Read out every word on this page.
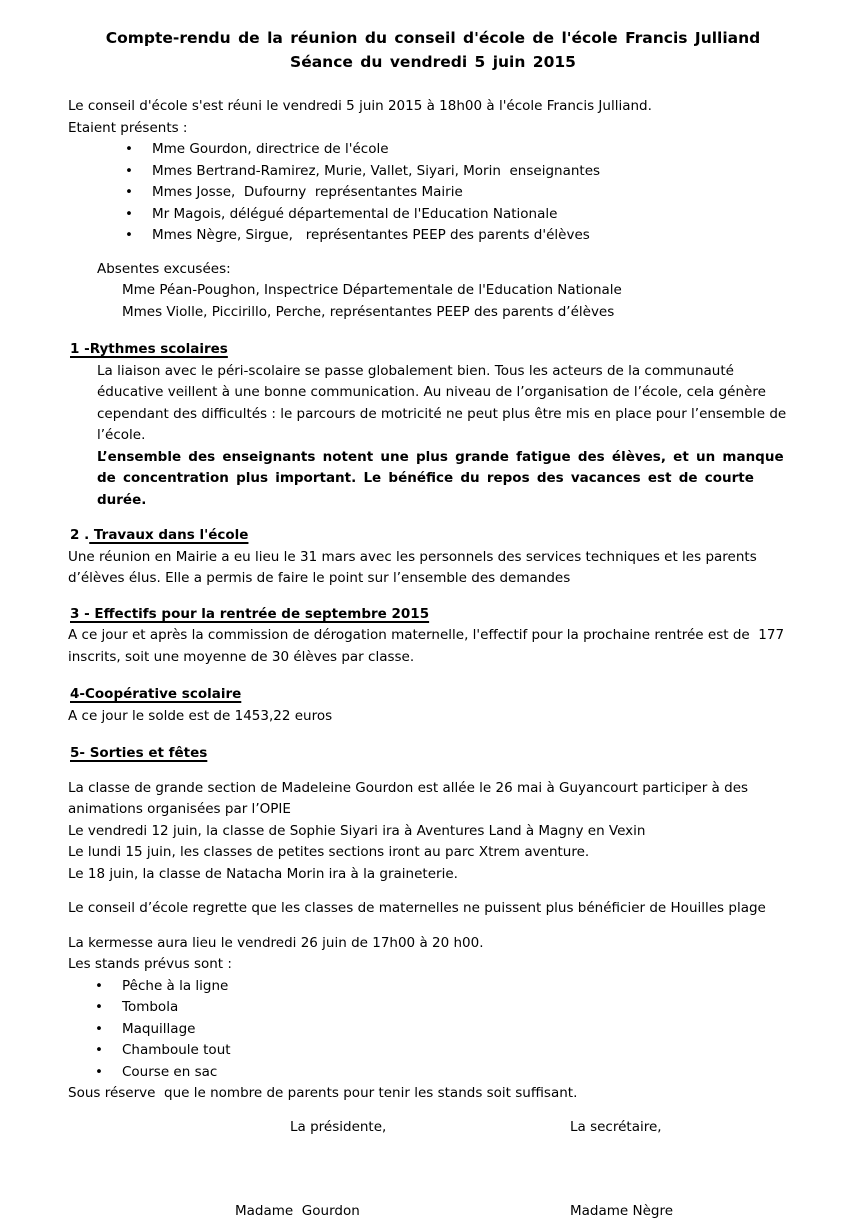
Compte-rendu de la réunion du conseil d'école de l'école Francis Julliand
Séance du vendredi 5 juin 2015
Le conseil d'école s'est réuni le vendredi 5 juin 2015 à 18h00 à l'école Francis Julliand.
Etaient présents :
• Mme Gourdon, directrice de l'école
• Mmes Bertrand-Ramirez, Murie, Vallet, Siyari, Morin  enseignantes
• Mmes Josse,  Dufourny  représentantes Mairie
• Mr Magois, délégué départemental de l'Education Nationale
• Mmes Nègre, Sirgue,   représentantes PEEP des parents d'élèves
Absentes excusées:
Mme Péan-Poughon, Inspectrice Départementale de l'Education Nationale
Mmes Violle, Piccirillo, Perche, représentantes PEEP des parents d’élèves
1 -Rythmes scolaires

La liaison avec le péri-scolaire se passe globalement bien. Tous les acteurs de la communauté éducative veillent à une bonne communication. Au niveau de l’organisation de l’école, cela génère cependant des difficultés : le parcours de motricité ne peut plus être mis en place pour l’ensemble de l’école.
L’ensemble des enseignants notent une plus grande fatigue des élèves, et un manque de concentration plus important. Le bénéfice du repos des vacances est de courte durée.

2 . Travaux dans l'école

Une réunion en Mairie a eu lieu le 31 mars avec les personnels des services techniques et les parents d’élèves élus. Elle a permis de faire le point sur l’ensemble des demandes

3 - Effectifs pour la rentrée de septembre 2015

A ce jour et après la commission de dérogation maternelle, l'effectif pour la prochaine rentrée est de  177 inscrits, soit une moyenne de 30 élèves par classe.

4-Coopérative scolaire

A ce jour le solde est de 1453,22 euros

5- Sorties et fêtes

La classe de grande section de Madeleine Gourdon est allée le 26 mai à Guyancourt participer à des animations organisées par l’OPIE

Le vendredi 12 juin, la classe de Sophie Siyari ira à Aventures Land à Magny en Vexin

Le lundi 15 juin, les classes de petites sections iront au parc Xtrem aventure.

Le 18 juin, la classe de Natacha Morin ira à la graineterie.

Le conseil d’école regrette que les classes de maternelles ne puissent plus bénéficier de Houilles plage

La kermesse aura lieu le vendredi 26 juin de 17h00 à 20 h00.

Les stands prévus sont :

• Pêche à la ligne
• Tombola
• Maquillage
• Chamboule tout
• Course en sac

Sous réserve  que le nombre de parents pour tenir les stands soit suffisant.

La présidente,	La secrétaire,
Madame  Gourdon	Madame Nègre
